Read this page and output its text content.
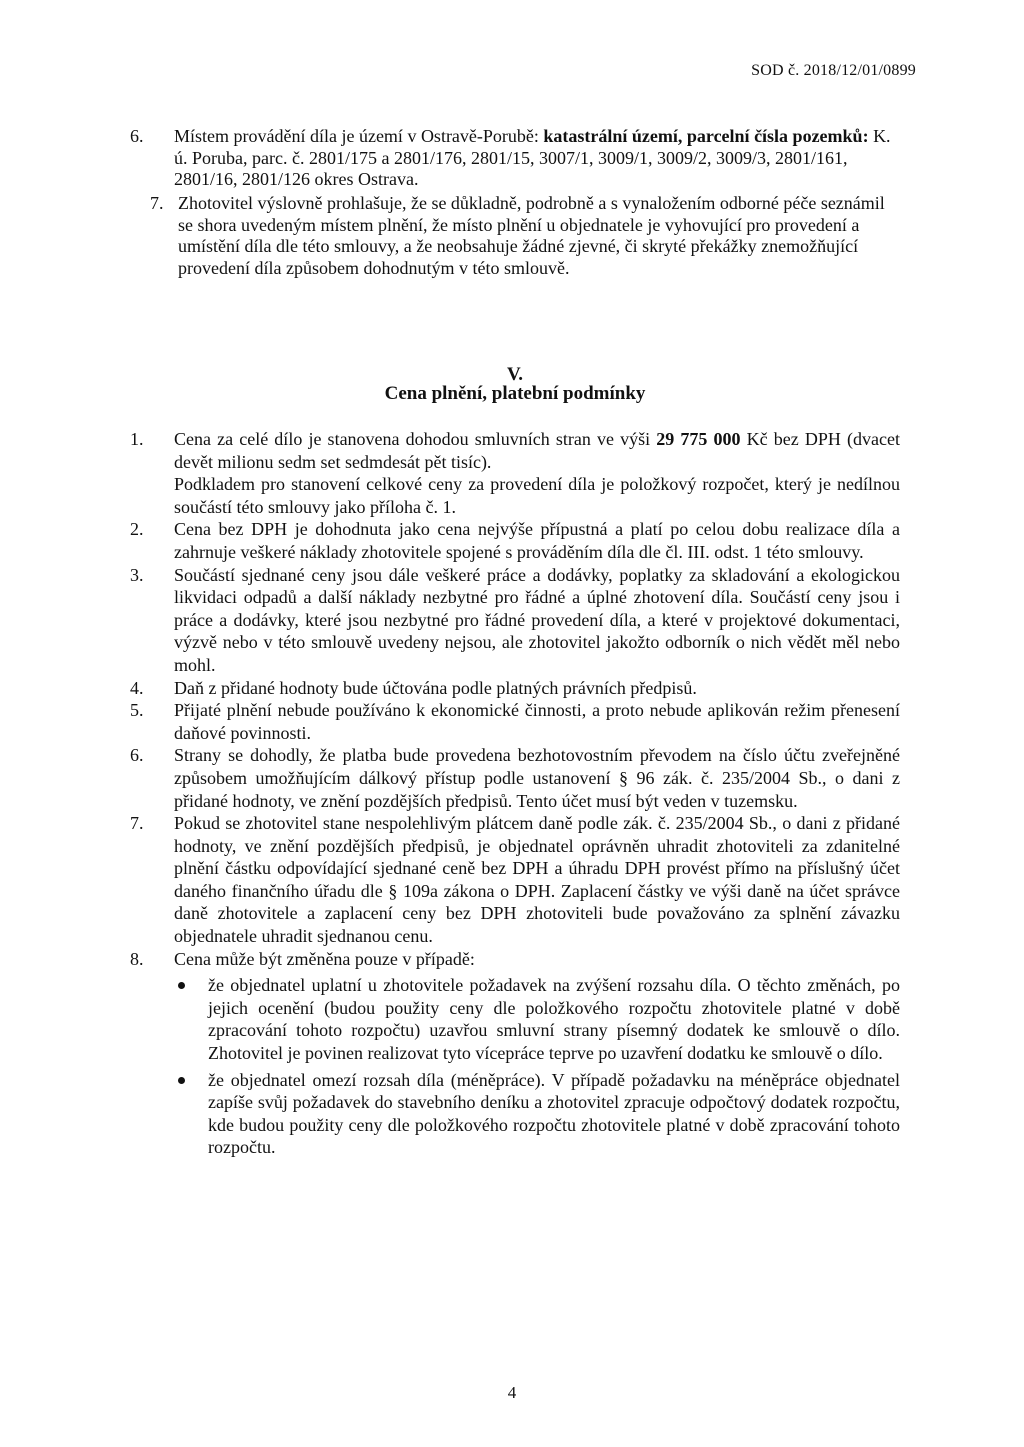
SOD č. 2018/12/01/0899
6. Místem provádění díla je území v Ostravě-Porubě: katastrální území, parcelní čísla pozemků: K. ú. Poruba, parc. č. 2801/175 a 2801/176, 2801/15, 3007/1, 3009/1, 3009/2, 3009/3, 2801/161, 2801/16, 2801/126 okres Ostrava.
7. Zhotovitel výslovně prohlašuje, že se důkladně, podrobně a s vynaložením odborné péče seznámil se shora uvedeným místem plnění, že místo plnění u objednatele je vyhovující pro provedení a umístění díla dle této smlouvy, a že neobsahuje žádné zjevné, či skryté překážky znemožňující provedení díla způsobem dohodnutým v této smlouvě.
V.
Cena plnění, platební podmínky
1. Cena za celé dílo je stanovena dohodou smluvních stran ve výši 29 775 000 Kč bez DPH (dvacet devět milionu sedm set sedmdesát pět tisíc).
Podkladem pro stanovení celkové ceny za provedení díla je položkový rozpočet, který je nedílnou součástí této smlouvy jako příloha č. 1.
2. Cena bez DPH je dohodnuta jako cena nejvýše přípustná a platí po celou dobu realizace díla a zahrnuje veškeré náklady zhotovitele spojené s prováděním díla dle čl. III. odst. 1 této smlouvy.
3. Součástí sjednané ceny jsou dále veškeré práce a dodávky, poplatky za skladování a ekologickou likvidaci odpadů a další náklady nezbytné pro řádné a úplné zhotovení díla. Součástí ceny jsou i práce a dodávky, které jsou nezbytné pro řádné provedení díla, a které v projektové dokumentaci, výzvě nebo v této smlouvě uvedeny nejsou, ale zhotovitel jakožto odborník o nich vědět měl nebo mohl.
4. Daň z přidané hodnoty bude účtována podle platných právních předpisů.
5. Přijaté plnění nebude používáno k ekonomické činnosti, a proto nebude aplikován režim přenesení daňové povinnosti.
6. Strany se dohodly, že platba bude provedena bezhotovostním převodem na číslo účtu zveřejněné způsobem umožňujícím dálkový přístup podle ustanovení § 96 zák. č. 235/2004 Sb., o dani z přidané hodnoty, ve znění pozdějších předpisů. Tento účet musí být veden v tuzemsku.
7. Pokud se zhotovitel stane nespolehlivým plátcem daně podle zák. č. 235/2004 Sb., o dani z přidané hodnoty, ve znění pozdějších předpisů, je objednatel oprávněn uhradit zhotoviteli za zdanitelné plnění částku odpovídající sjednané ceně bez DPH a úhradu DPH provést přímo na příslušný účet daného finančního úřadu dle § 109a zákona o DPH. Zaplacení částky ve výši daně na účet správce daně zhotovitele a zaplacení ceny bez DPH zhotoviteli bude považováno za splnění závazku objednatele uhradit sjednanou cenu.
8. Cena může být změněna pouze v případě:
že objednatel uplatní u zhotovitele požadavek na zvýšení rozsahu díla. O těchto změnách, po jejich ocenění (budou použity ceny dle položkového rozpočtu zhotovitele platné v době zpracování tohoto rozpočtu) uzavřou smluvní strany písemný dodatek ke smlouvě o dílo. Zhotovitel je povinen realizovat tyto vícepráce teprve po uzavření dodatku ke smlouvě o dílo.
že objednatel omezí rozsah díla (méněpráce). V případě požadavku na méněpráce objednatel zapíše svůj požadavek do stavebního deníku a zhotovitel zpracuje odpočtový dodatek rozpočtu, kde budou použity ceny dle položkového rozpočtu zhotovitele platné v době zpracování tohoto rozpočtu.
4
